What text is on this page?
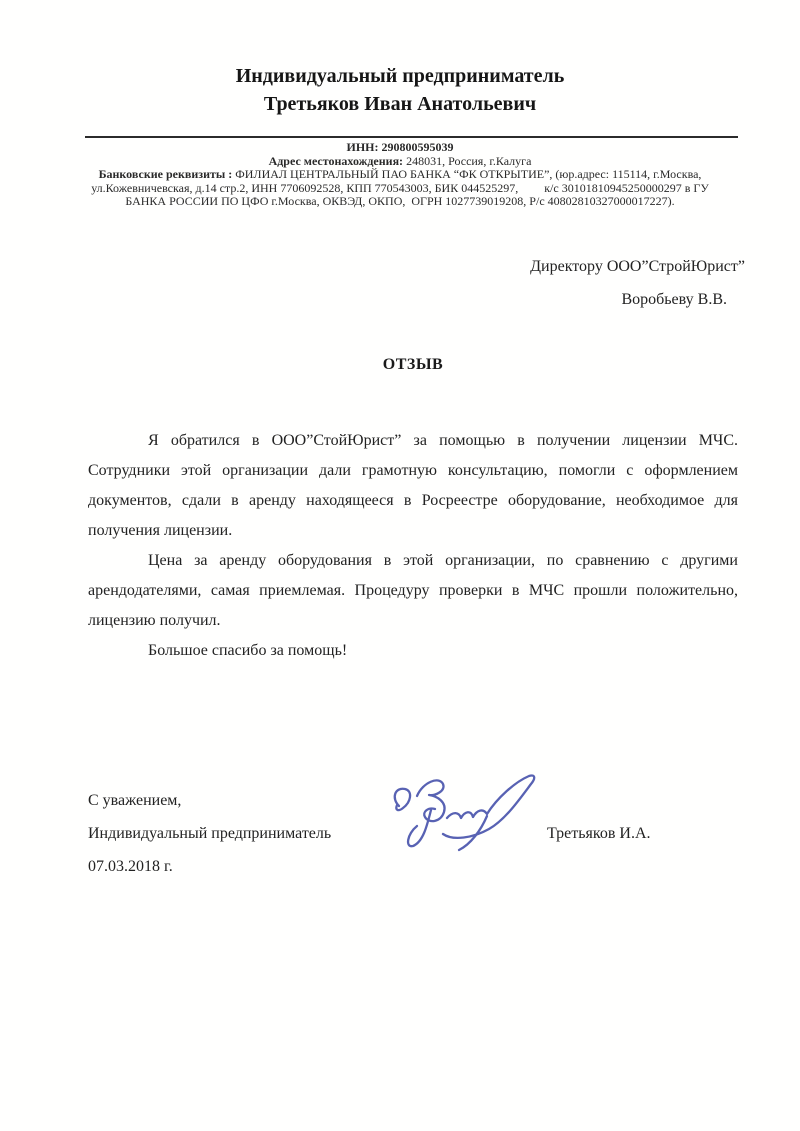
Индивидуальный предприниматель
Третьяков Иван Анатольевич
ИНН: 290800595039
Адрес местонахождения: 248031, Россия, г.Калуга
Банковские реквизиты : ФИЛИАЛ ЦЕНТРАЛЬНЫЙ ПАО БАНКА “ФК ОТКРЫТИЕ”, (юр.адрес: 115114, г.Москва,
ул.Кожевничевская, д.14 стр.2, ИНН 7706092528, КПП 770543003, БИК 044525297, к/с 30101810945250000297 в ГУ
БАНКА РОССИИ ПО ЦФО г.Москва, ОКВЭД, ОКПО,  ОГРН 1027739019208, Р/с 40802810327000017227).
Директору ООО”СтройЮрист”
Воробьеву В.В.
ОТЗЫВ
Я обратился в ООО”СтойЮрист” за помощью в получении лицензии МЧС.
Сотрудники этой организации дали грамотную консультацию, помогли с оформлением
документов, сдали в аренду находящееся в Росреестре оборудование, необходимое для
получения лицензии.
Цена за аренду оборудования в этой организации, по сравнению с другими
арендодателями, самая приемлемая. Процедуру проверки в МЧС прошли положительно,
лицензию получил.
Большое спасибо за помощь!
С уважением,
Индивидуальный предприниматель	Третьяков И.А.
07.03.2018 г.
